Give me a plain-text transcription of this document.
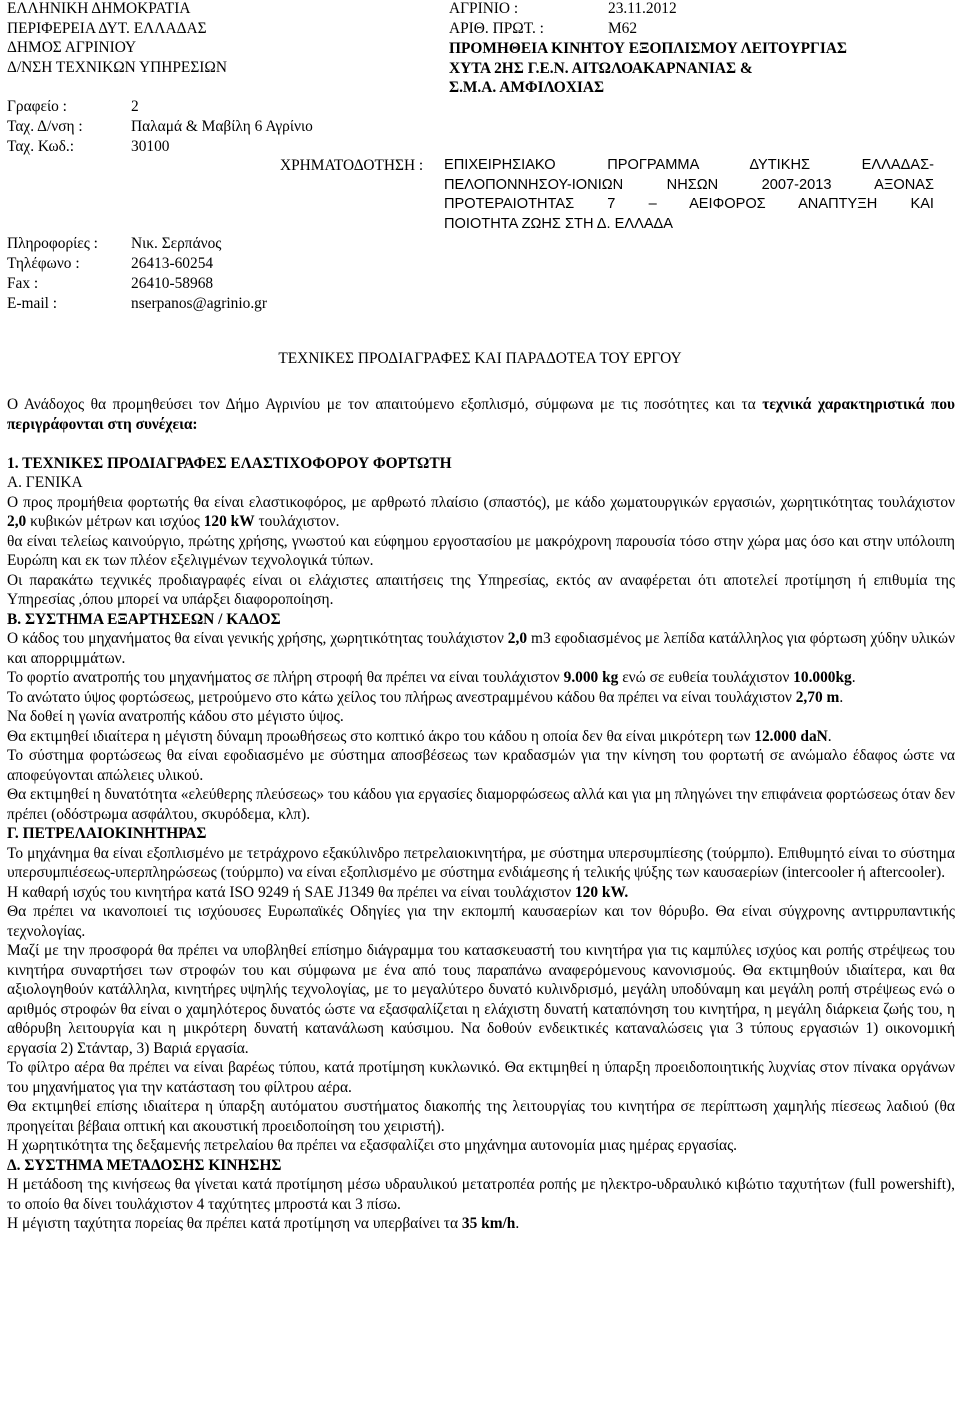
ΕΛΛΗΝΙΚΗ ΔΗΜΟΚΡΑΤΙΑ
ΠΕΡΙΦΕΡΕΙΑ ΔΥΤ. ΕΛΛΑΔΑΣ
ΔΗΜΟΣ ΑΓΡΙΝΙΟΥ
Δ/ΝΣΗ ΤΕΧΝΙΚΩΝ ΥΠΗΡΕΣΙΩΝ
Γραφείο :	2
Ταχ. Δ/νση :	Παλαμά & Μαβίλη 6 Αγρίνιο
Ταχ. Κωδ.:	30100
Πληροφορίες : Νικ. Σερπάνος
Τηλέφωνο :	26413-60254
Fax :	26410-58968
E-mail :	nserpanos@agrinio.gr
ΑΓΡΙΝΙΟ :	23.11.2012
ΑΡΙΘ. ΠΡΩΤ. :	Μ62
ΠΡΟΜΗΘΕΙΑ ΚΙΝΗΤΟΥ ΕΞΟΠΛΙΣΜΟΥ ΛΕΙΤΟΥΡΓΙΑΣ
ΧΥΤΑ 2ΗΣ Γ.Ε.Ν. ΑΙΤΩΛΟΑΚΑΡΝΑΝΙΑΣ &
Σ.Μ.Α. ΑΜΦΙΛΟΧΙΑΣ
ΧΡΗΜΑΤΟΔΟΤΗΣΗ : ΕΠΙΧΕΙΡΗΣΙΑΚΟ ΠΡΟΓΡΑΜΜΑ ΔΥΤΙΚΗΣ ΕΛΛΑΔΑΣ-
ΠΕΛΟΠΟΝΝΗΣΟΥ-ΙΟΝΙΩΝ ΝΗΣΩΝ 2007-2013 ΑΞΟΝΑΣ
ΠΡΟΤΕΡΑΙΟΤΗΤΑΣ 7 – ΑΕΙΦΟΡΟΣ ΑΝΑΠΤΥΞΗ ΚΑΙ
ΠΟΙΟΤΗΤΑ ΖΩΗΣ ΣΤΗ Δ. ΕΛΛΑΔΑ
ΤΕΧΝΙΚΕΣ ΠΡΟΔΙΑΓΡΑΦΕΣ ΚΑΙ ΠΑΡΑΔΟΤΕΑ ΤΟΥ ΕΡΓΟΥ

Ο Ανάδοχος θα προμηθεύσει τον Δήμο Αγρινίου με τον απαιτούμενο εξοπλισμό, σύμφωνα με τις ποσότητες και τα τεχνικά χαρακτηριστικά που περιγράφονται στη συνέχεια:

1. ΤΕΧΝΙΚΕΣ ΠΡΟΔΙΑΓΡΑΦΕΣ ΕΛΑΣΤΙΧΟΦΟΡΟΥ ΦΟΡΤΩΤΗ

Α. ΓΕΝΙΚΑ

Ο προς προμήθεια φορτωτής θα είναι ελαστικοφόρος, με αρθρωτό πλαίσιο (σπαστός), με κάδο χωματουργικών εργασιών, χωρητικότητας τουλάχιστον 2,0 κυβικών μέτρων και ισχύος 120 kW τουλάχιστον.

θα είναι τελείως καινούργιο, πρώτης χρήσης, γνωστού και εύφημου εργοστασίου με μακρόχρονη παρουσία τόσο στην χώρα μας όσο και στην υπόλοιπη Ευρώπη και εκ των πλέον εξελιγμένων τεχνολογικά τύπων.

Οι παρακάτω τεχνικές προδιαγραφές είναι οι ελάχιστες απαιτήσεις της Υπηρεσίας, εκτός αν αναφέρεται ότι αποτελεί προτίμηση ή επιθυμία της Υπηρεσίας ,όπου μπορεί να υπάρξει διαφοροποίηση.

Β. ΣΥΣΤΗΜΑ ΕΞΑΡΤΗΣΕΩΝ / ΚΑΔΟΣ

Ο κάδος του μηχανήματος θα είναι γενικής χρήσης, χωρητικότητας τουλάχιστον 2,0 m3 εφοδιασμένος με λεπίδα κατάλληλος για φόρτωση χύδην υλικών και απορριμμάτων.

Το φορτίο ανατροπής του μηχανήματος σε πλήρη στροφή θα πρέπει να είναι τουλάχιστον 9.000 kg ενώ σε ευθεία τουλάχιστον 10.000kg.

Το ανώτατο ύψος φορτώσεως, μετρούμενο στο κάτω χείλος του πλήρως ανεστραμμένου κάδου θα πρέπει να είναι τουλάχιστον 2,70 m.

Να δοθεί η γωνία ανατροπής κάδου στο μέγιστο ύψος.

Θα εκτιμηθεί ιδιαίτερα η μέγιστη δύναμη προωθήσεως στο κοπτικό άκρο του κάδου η οποία δεν θα είναι μικρότερη των 12.000 daN.

Το σύστημα φορτώσεως θα είναι εφοδιασμένο με σύστημα αποσβέσεως των κραδασμών για την κίνηση του φορτωτή σε ανώμαλο έδαφος ώστε να αποφεύγονται απώλειες υλικού.

Θα εκτιμηθεί η δυνατότητα «ελεύθερης πλεύσεως» του κάδου για εργασίες διαμορφώσεως αλλά και για μη πληγώνει την επιφάνεια φορτώσεως όταν δεν πρέπει (οδόστρωμα ασφάλτου, σκυρόδεμα, κλπ).

Γ. ΠΕΤΡΕΛΑΙΟΚΙΝΗΤΗΡΑΣ

Το μηχάνημα θα είναι εξοπλισμένο με τετράχρονο εξακύλινδρο πετρελαιοκινητήρα, με σύστημα υπερσυμπίεσης (τούρμπο). Επιθυμητό είναι το σύστημα υπερσυμπιέσεως-υπερπληρώσεως (τούρμπο) να είναι εξοπλισμένο με σύστημα ενδιάμεσης ή τελικής ψύξης των καυσαερίων (intercooler ή aftercooler).

Η καθαρή ισχύς του κινητήρα κατά ISO 9249 ή SAE J1349 θα πρέπει να είναι τουλάχιστον 120 kW.

Θα πρέπει να ικανοποιεί τις ισχύουσες Ευρωπαϊκές Οδηγίες για την εκπομπή καυσαερίων και τον θόρυβο. Θα είναι σύγχρονης αντιρρυπαντικής τεχνολογίας.

Μαζί με την προσφορά θα πρέπει να υποβληθεί επίσημο διάγραμμα του κατασκευαστή του κινητήρα για τις καμπύλες ισχύος και ροπής στρέψεως του κινητήρα συναρτήσει των στροφών του και σύμφωνα με ένα από τους παραπάνω αναφερόμενους κανονισμούς. Θα εκτιμηθούν ιδιαίτερα, και θα αξιολογηθούν κατάλληλα, κινητήρες υψηλής τεχνολογίας, με το μεγαλύτερο δυνατό κυλινδρισμό, μεγάλη υποδύναμη και μεγάλη ροπή στρέψεως ενώ ο αριθμός στροφών θα είναι ο χαμηλότερος δυνατός ώστε να εξασφαλίζεται η ελάχιστη δυνατή καταπόνηση του κινητήρα, η μεγάλη διάρκεια ζωής του, η αθόρυβη λειτουργία και η μικρότερη δυνατή κατανάλωση καύσιμου. Να δοθούν ενδεικτικές καταναλώσεις για 3 τύπους εργασιών 1) οικονομική εργασία 2) Στάνταρ, 3) Βαριά εργασία.

Το φίλτρο αέρα θα πρέπει να είναι βαρέως τύπου, κατά προτίμηση κυκλωνικό. Θα εκτιμηθεί η ύπαρξη προειδοποιητικής λυχνίας στον πίνακα οργάνων του μηχανήματος για την κατάσταση του φίλτρου αέρα.

Θα εκτιμηθεί επίσης ιδιαίτερα η ύπαρξη αυτόματου συστήματος διακοπής της λειτουργίας του κινητήρα σε περίπτωση χαμηλής πίεσεως λαδιού (θα προηγείται βέβαια οπτική και ακουστική προειδοποίηση του χειριστή).

Η χωρητικότητα της δεξαμενής πετρελαίου θα πρέπει να εξασφαλίζει στο μηχάνημα αυτονομία μιας ημέρας εργασίας.

Δ. ΣΥΣΤΗΜΑ ΜΕΤΑΔΟΣΗΣ ΚΙΝΗΣΗΣ

Η μετάδοση της κινήσεως θα γίνεται κατά προτίμηση μέσω υδραυλικού μετατροπέα ροπής με ηλεκτρο-υδραυλικό κιβώτιο ταχυτήτων (full powershift), το οποίο θα δίνει τουλάχιστον 4 ταχύτητες μπροστά και 3 πίσω.

Η μέγιστη ταχύτητα πορείας θα πρέπει κατά προτίμηση να υπερβαίνει τα 35 km/h.
